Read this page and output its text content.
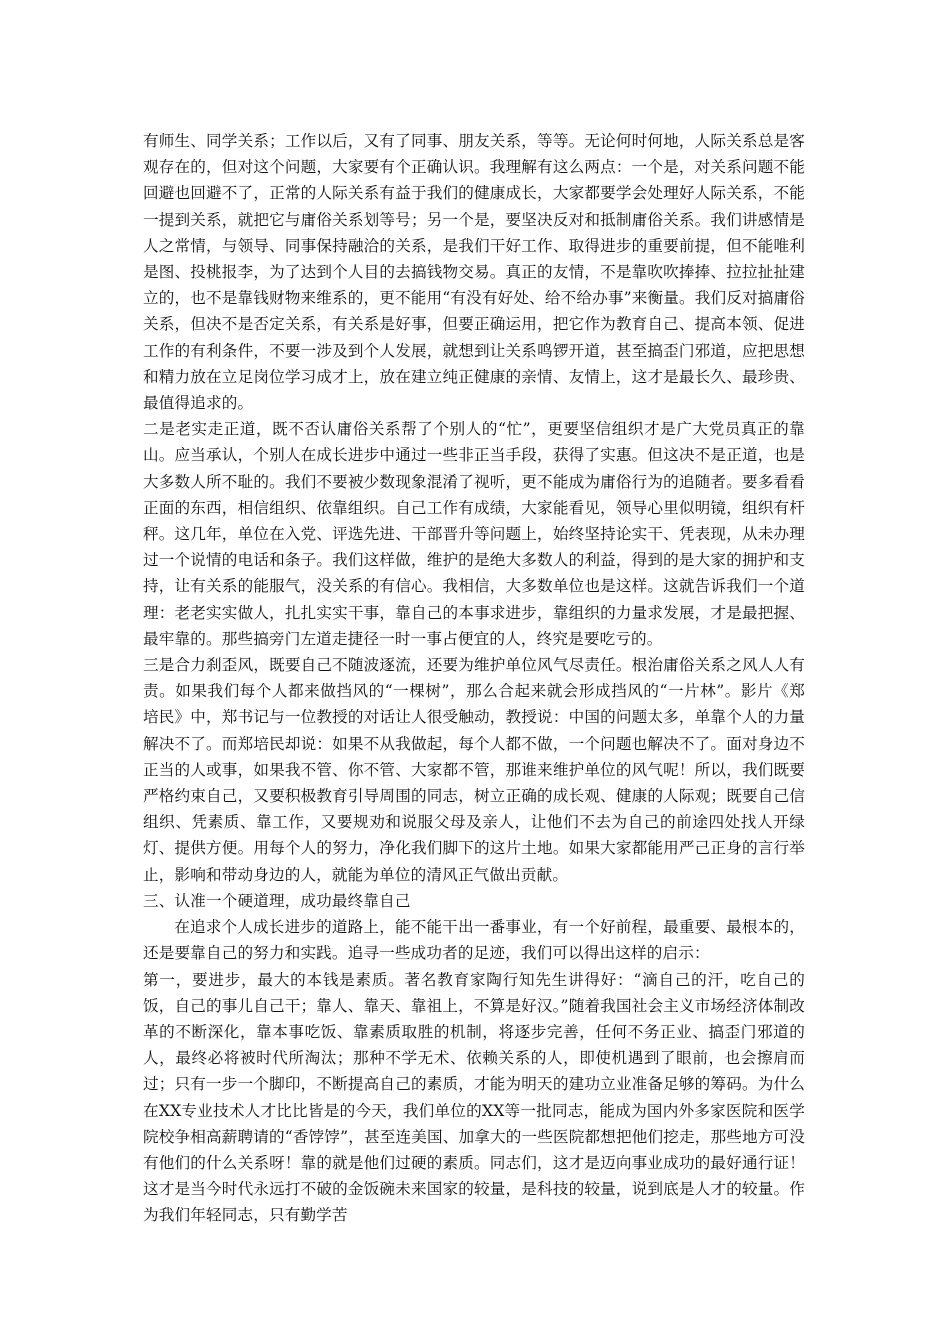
有师生、同学关系；工作以后，又有了同事、朋友关系，等等。无论何时何地，人际关系总是客观存在的，但对这个问题，大家要有个正确认识。我理解有这么两点：一个是，对关系问题不能回避也回避不了，正常的人际关系有益于我们的健康成长，大家都要学会处理好人际关系，不能一提到关系，就把它与庸俗关系划等号；另一个是，要坚决反对和抵制庸俗关系。我们讲感情是人之常情，与领导、同事保持融洽的关系，是我们干好工作、取得进步的重要前提，但不能唯利是图、投桃报李，为了达到个人目的去搞钱物交易。真正的友情，不是靠吹吹捧捧、拉拉扯扯建立的，也不是靠钱财物来维系的，更不能用“有没有好处、给不给办事”来衡量。我们反对搞庸俗关系，但决不是否定关系，有关系是好事，但要正确运用，把它作为教育自己、提高本领、促进工作的有利条件，不要一涉及到个人发展，就想到让关系鸣锣开道，甚至搞歪门邪道，应把思想和精力放在立足岗位学习成才上，放在建立纯正健康的亲情、友情上，这才是最长久、最珍贵、最值得追求的。

二是老实走正道，既不否认庸俗关系帮了个别人的“忙”，更要坚信组织才是广大党员真正的靠山。应当承认，个别人在成长进步中通过一些非正当手段，获得了实惠。但这决不是正道，也是大多数人所不耻的。我们不要被少数现象混淆了视听，更不能成为庸俗行为的追随者。要多看看正面的东西，相信组织、依靠组织。自己工作有成绩，大家能看见，领导心里似明镜，组织有杆秤。这几年，单位在入党、评选先进、干部晋升等问题上，始终坚持论实干、凭表现，从未办理过一个说情的电话和条子。我们这样做，维护的是绝大多数人的利益，得到的是大家的拥护和支持，让有关系的能服气，没关系的有信心。我相信，大多数单位也是这样。这就告诉我们一个道理：老老实实做人，扎扎实实干事，靠自己的本事求进步，靠组织的力量求发展，才是最把握、最牢靠的。那些搞旁门左道走捷径一时一事占便宜的人，终究是要吃亏的。

三是合力刹歪风，既要自己不随波逐流，还要为维护单位风气尽责任。根治庸俗关系之风人人有责。如果我们每个人都来做挡风的“一棵树”，那么合起来就会形成挡风的“一片林”。影片《郑培民》中，郑书记与一位教授的对话让人很受触动，教授说：中国的问题太多，单靠个人的力量解决不了。而郑培民却说：如果不从我做起，每个人都不做，一个问题也解决不了。面对身边不正当的人或事，如果我不管、你不管、大家都不管，那谁来维护单位的风气呢！所以，我们既要严格约束自己，又要积极教育引导周围的同志，树立正确的成长观、健康的人际观；既要自己信组织、凭素质、靠工作，又要规劝和说服父母及亲人，让他们不去为自己的前途四处找人开绿灯、提供方便。用每个人的努力，净化我们脚下的这片土地。如果大家都能用严己正身的言行举止，影响和带动身边的人，就能为单位的清风正气做出贡献。

三、认准一个硬道理，成功最终靠自己

在追求个人成长进步的道路上，能不能干出一番事业，有一个好前程，最重要、最根本的，还是要靠自己的努力和实践。追寻一些成功者的足迹，我们可以得出这样的启示：

第一，要进步，最大的本钱是素质。著名教育家陶行知先生讲得好：“滴自己的汗，吃自己的饭，自己的事儿自己干；靠人、靠天、靠祖上，不算是好汉。”随着我国社会主义市场经济体制改革的不断深化，靠本事吃饭、靠素质取胜的机制，将逐步完善，任何不务正业、搞歪门邪道的人，最终必将被时代所淘汰；那种不学无术、依赖关系的人，即使机遇到了眼前，也会擦肩而过；只有一步一个脚印，不断提高自己的素质，才能为明天的建功立业准备足够的筹码。为什么在XX专业技术人才比比皆是的今天，我们单位的XX等一批同志，能成为国内外多家医院和医学院校争相高薪聘请的“香饽饽”，甚至连美国、加拿大的一些医院都想把他们挖走，那些地方可没有他们的什么关系呀！靠的就是他们过硬的素质。同志们，这才是迈向事业成功的最好通行证！这才是当今时代永远打不破的金饭碗未来国家的较量，是科技的较量，说到底是人才的较量。作为我们年轻同志，只有勤学苦
